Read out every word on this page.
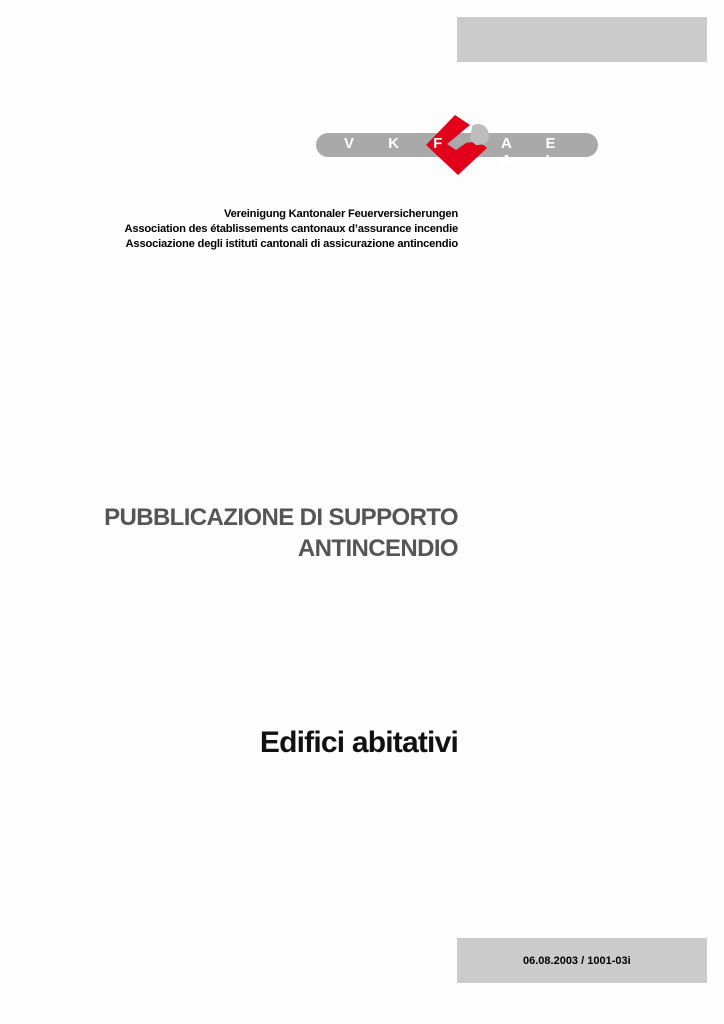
V K F	A E A I
Vereinigung Kantonaler Feuerversicherungen
Association des établissements cantonaux d’assurance incendie
Associazione degli istituti cantonali di assicurazione antincendio
PUBBLICAZIONE DI SUPPORTO
ANTINCENDIO
Edifici abitativi
06.08.2003 / 1001-03i
